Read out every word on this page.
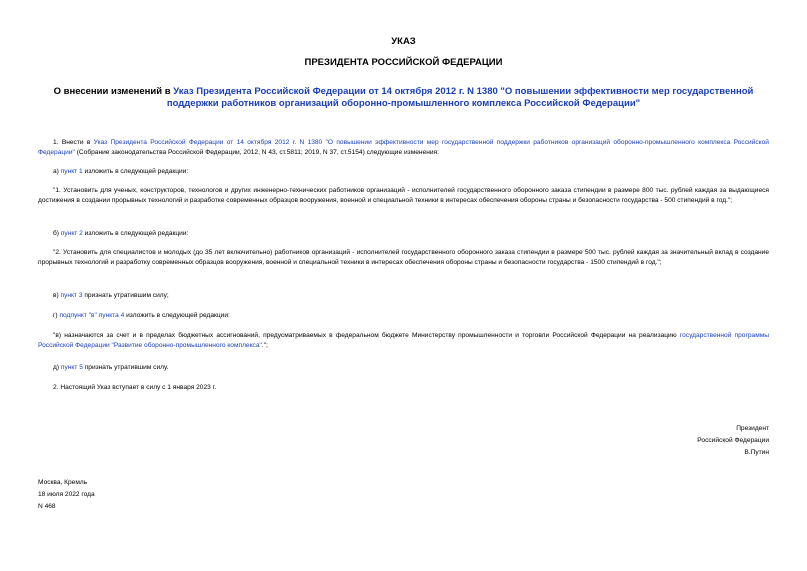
УКАЗ
ПРЕЗИДЕНТА РОССИЙСКОЙ ФЕДЕРАЦИИ
О внесении изменений в Указ Президента Российской Федерации от 14 октября 2012 г. N 1380 "О повышении эффективности мер государственной поддержки работников организаций оборонно-промышленного комплекса Российской Федерации"
1. Внести в Указ Президента Российской Федерации от 14 октября 2012 г. N 1380 "О повышении эффективности мер государственной поддержки работников организаций оборонно-промышленного комплекса Российской Федерации" (Собрание законодательства Российской Федерации, 2012, N 43, ст.5811; 2019, N 37, ст.5154) следующие изменения:
а) пункт 1 изложить в следующей редакции:
"1. Установить для ученых, конструкторов, технологов и других инженерно-технических работников организаций - исполнителей государственного оборонного заказа стипендии в размере 800 тыс. рублей каждая за выдающиеся достижения в создании прорывных технологий и разработке современных образцов вооружения, военной и специальной техники в интересах обеспечения обороны страны и безопасности государства - 500 стипендий в год.";
б) пункт 2 изложить в следующей редакции:
"2. Установить для специалистов и молодых (до 35 лет включительно) работников организаций - исполнителей государственного оборонного заказа стипендии в размере 500 тыс. рублей каждая за значительный вклад в создание прорывных технологий и разработку современных образцов вооружения, военной и специальной техники в интересах обеспечения обороны страны и безопасности государства - 1500 стипендий в год.";
в) пункт 3 признать утратившим силу;
г) подпункт "в" пункта 4 изложить в следующей редакции:
"в) назначаются за счет и в пределах бюджетных ассигнований, предусматриваемых в федеральном бюджете Министерству промышленности и торговли Российской Федерации на реализацию государственной программы Российской Федерации "Развитие оборонно-промышленного комплекса".";
д) пункт 5 признать утратившим силу.
2. Настоящий Указ вступает в силу с 1 января 2023 г.
Президент
Российской Федерации
В.Путин
Москва, Кремль
18 июля 2022 года
N 468
